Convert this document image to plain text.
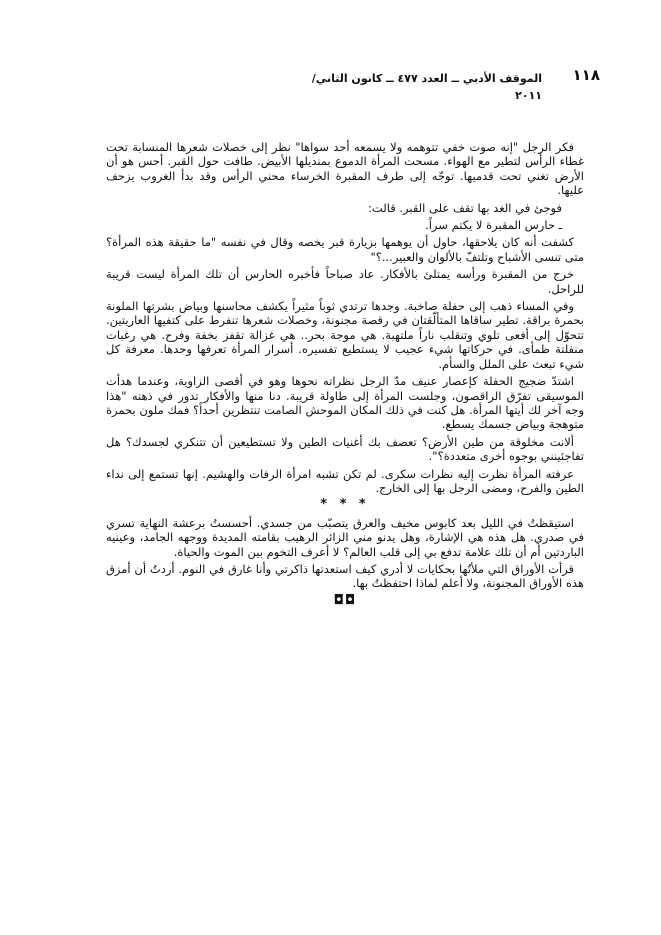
١١٨
الموقف الأدبي ــ العدد ٤٧٧ ــ كانون الثاني/
٢٠١١

فكر الرجل "إنه صوت خفي تتوهمه ولا يسمعه أحد سواها" نظر إلى خصلات شعرها المنسابة تحت غطاء الرأس لتطير مع الهواء. مسحت المرأة الدموع بمنديلها الأبيض. طافت حول القبر. أحس هو أن الأرض تغني تحت قدميها. توجّه إلى طرف المقبرة الخرساء محني الرأس وقد بدأ الغروب يزحف عليها.

فوجئ في الغد بها تقف على القبر. قالت:

ـ حارس المقبرة لا يكتم سراً.

كشفت أنه كان يلاحقها، حاول أن يوهمها بزيارة قبر يخصه وقال في نفسه "ما حقيقة هذه المرأة؟ متى تنسى الأشباح وتلتفّ بالألوان والعبير...؟"

خرج من المقبرة ورأسه يمتلئ بالأفكار. عاد صباحاً فأخبره الحارس أن تلك المرأة ليست قريبة للراحل.

وفي المساء ذهب إلى حفلة صاخبة. وجدها ترتدي ثوباً مثيراً يكشف محاسنها وبياض بشرتها الملونة بحمرة براقة. تطير ساقاها المتألّقتان في رقصة مجنونة، وخصلات شعرها تنفرط على كتفيها العاريتين. تتحوّل إلى أفعى تلوي وتنقلب ناراً ملتهبة. هي موجة بحر.. هي غزالة تقفز بخفة وفرح. هي رغبات منفلتة ظمأى. في حركاتها شيء عجيب لا يستطيع تفسيره. أسرار المرأة تعرفها وحدها. معرفة كل شيء تبعث على الملل والسأم.

اشتدّ ضجيج الحفلة كإعصار عنيف مدّ الرجل نظراته نحوها وهو في أقصى الزاوية، وعندما هدأت الموسيقى تفرّق الراقصون، وجلست المرأة إلى طاولة قريبة. دنا منها والأفكار تدور في ذهنه "هذا وجه آخر لك أيتها المرأة. هل كنت في ذلك المكان الموحش الصامت تنتظرين أحداً؟ فمك ملون بحمرة متوهجة وبياض جسمك يسطع.

ألانت مخلوقة من طين الأرض؟ تعصف بك أغنيات الطين ولا تستطيعين أن تتنكري لجسدك؟ هل تفاجئينني بوجوه أخرى متعددة؟".

عرفته المرأة نظرت إليه نظرات سكرى. لم تكن تشبه امرأة الرفات والهشيم. إنها تستمع إلى نداء الطين والفرح، ومضى الرجل بها إلى الخارج.

* * *

استيقظتُ في الليل بعد كابوس مخيف والعرق يتصبّب من جسدي. أحسستُ برعشة النهاية تسري في صدري. هل هذه هي الإشارة، وهل يدنو مني الزائر الرهيب بقامته المديدة ووجهه الجامد، وعينيه الباردتين أم أن تلك علامة تدفع بي إلى قلب العالم؟ لا أعرف التخوم بين الموت والحياة.

قرأت الأوراق التي ملأتُها بحكايات لا أدري كيف استعدتها ذاكرتي وأنا غارق في النوم. أردتُ أن أمزق هذه الأوراق المجنونة، ولا أعلم لماذا احتفظتُ بها.

◘◘
